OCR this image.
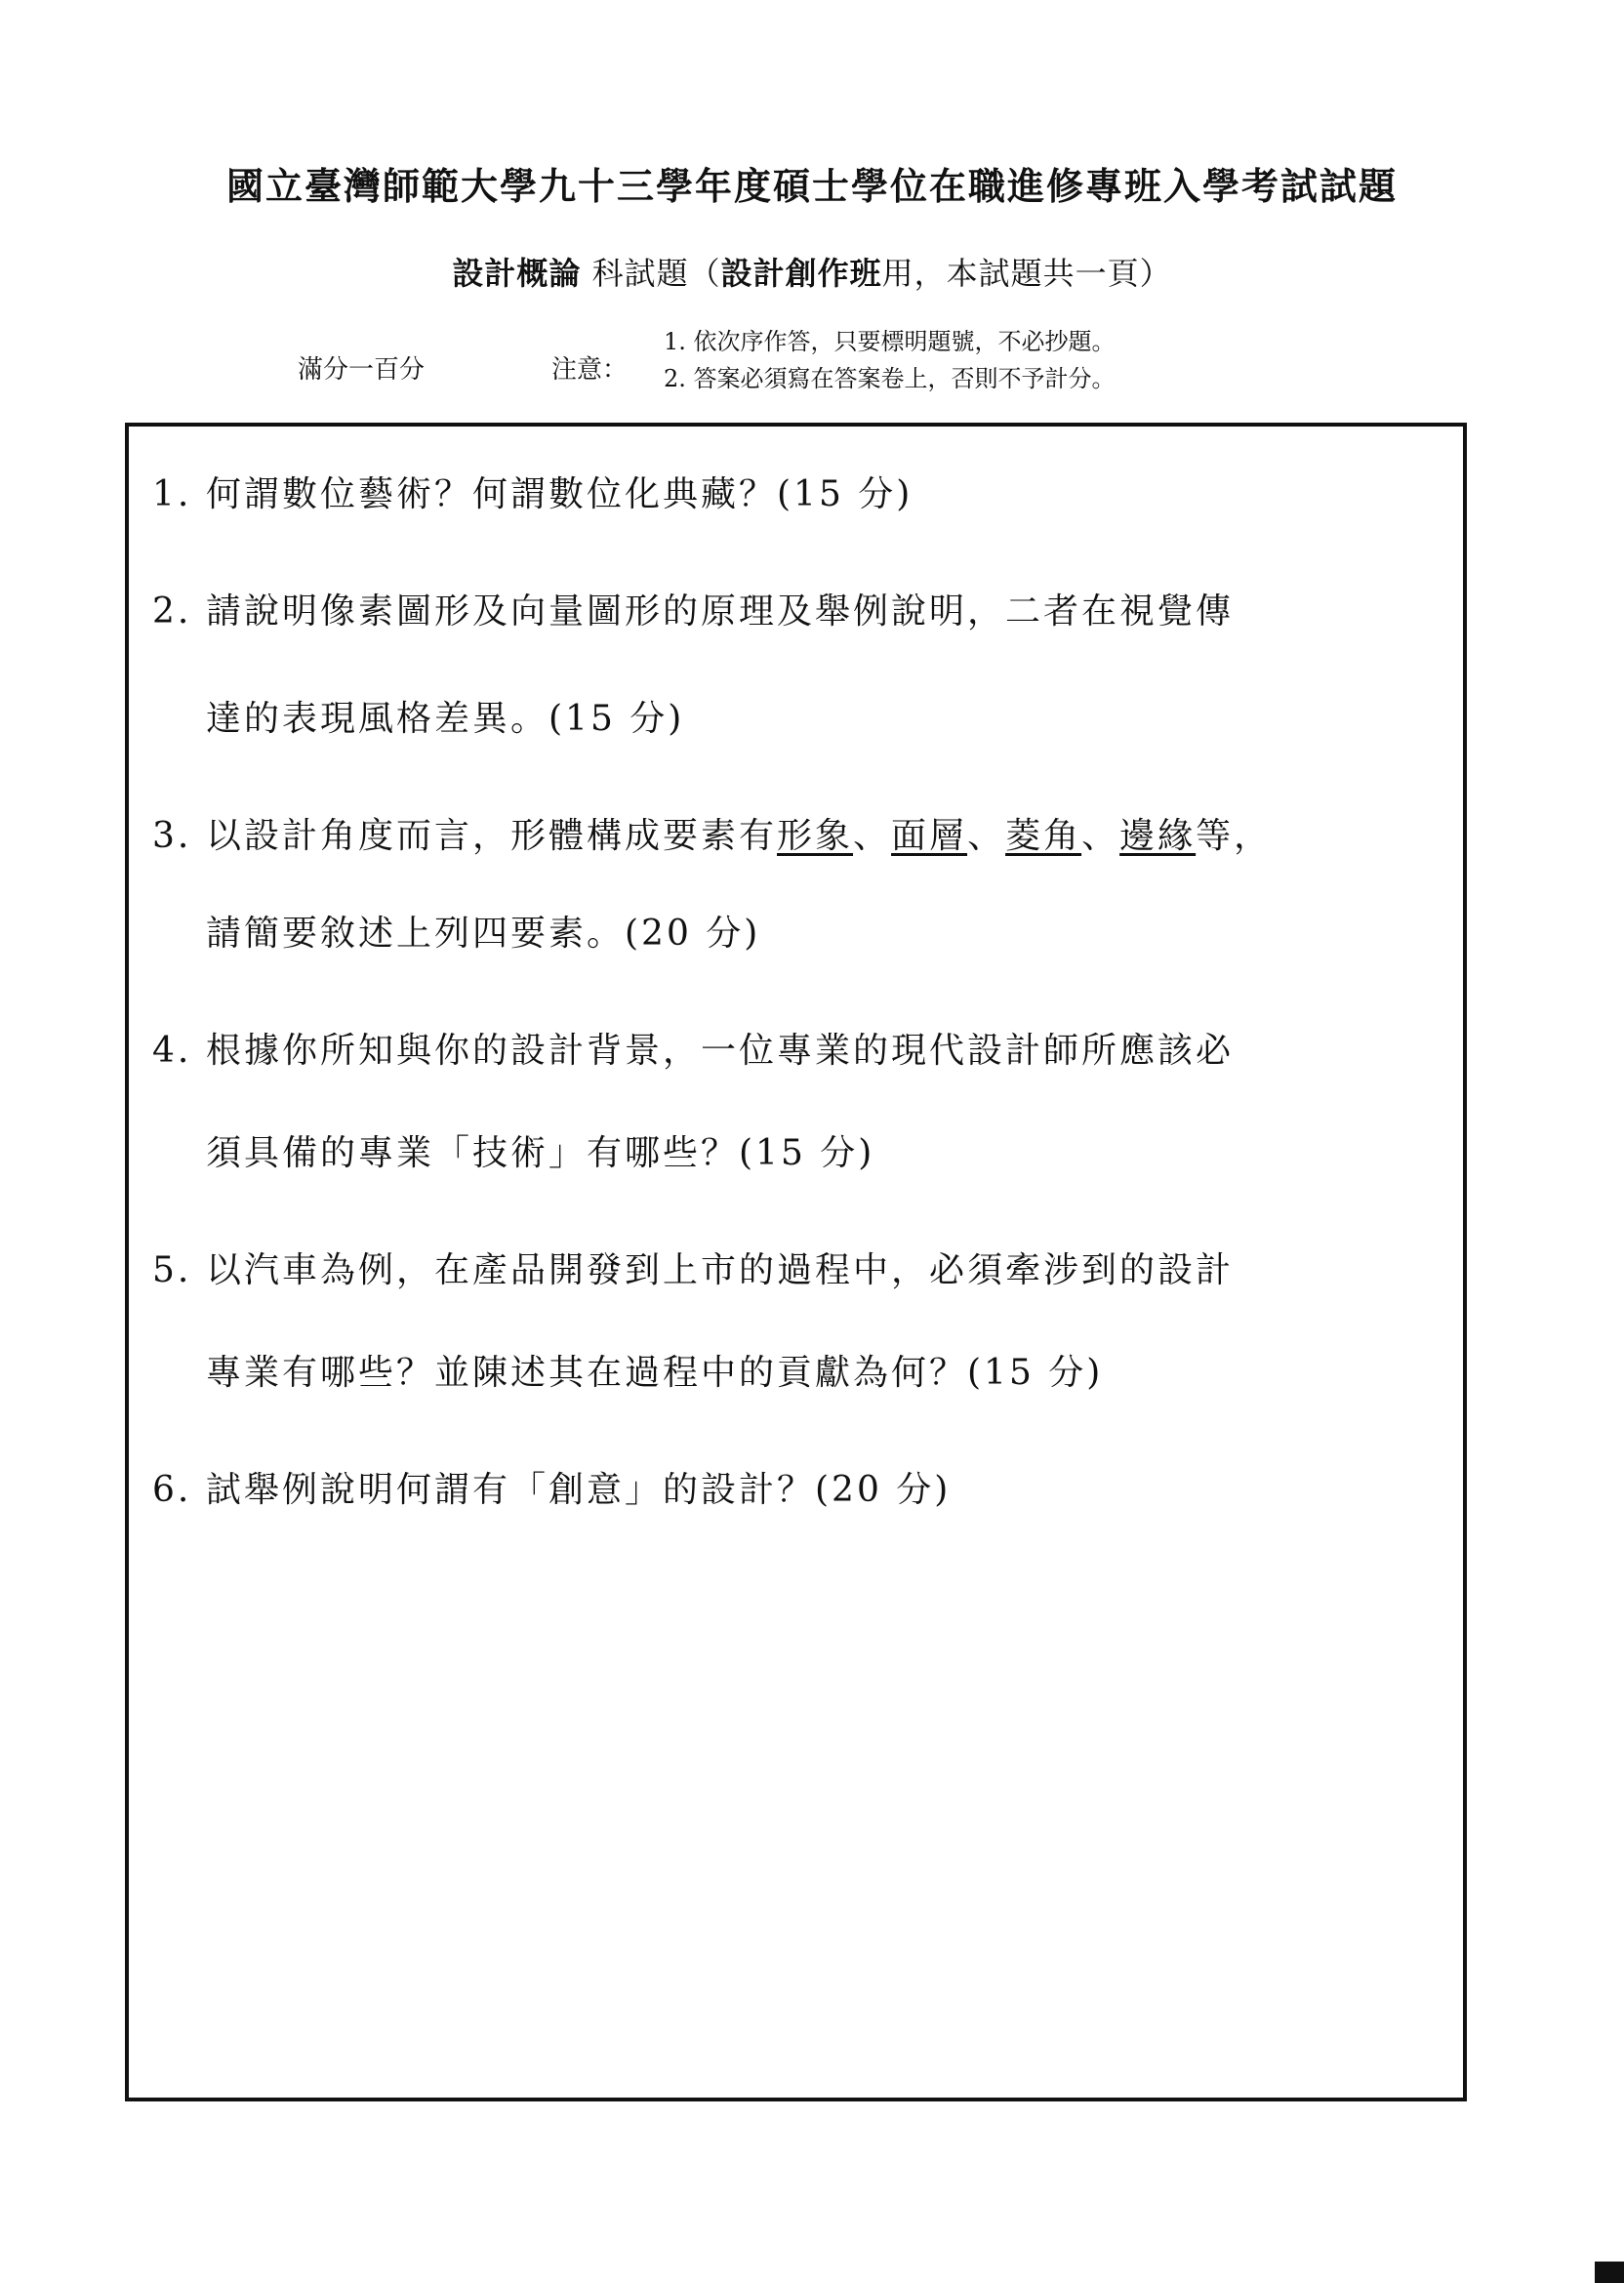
國立臺灣師範大學九十三學年度碩士學位在職進修專班入學考試試題
設計概論 科試題（設計創作班用，本試題共一頁）
滿分一百分	注意：
1. 依次序作答，只要標明題號，不必抄題。
2. 答案必須寫在答案卷上，否則不予計分。
1. 何謂數位藝術？何謂數位化典藏？(15 分)
2. 請說明像素圖形及向量圖形的原理及舉例說明，二者在視覺傳
達的表現風格差異。(15 分)
3. 以設計角度而言，形體構成要素有形象、面層、菱角、邊緣等，
請簡要敘述上列四要素。(20 分)
4. 根據你所知與你的設計背景，一位專業的現代設計師所應該必
須具備的專業「技術」有哪些？(15 分)
5. 以汽車為例，在產品開發到上市的過程中，必須牽涉到的設計
專業有哪些？並陳述其在過程中的貢獻為何？(15 分)
6. 試舉例說明何謂有「創意」的設計？(20 分)
